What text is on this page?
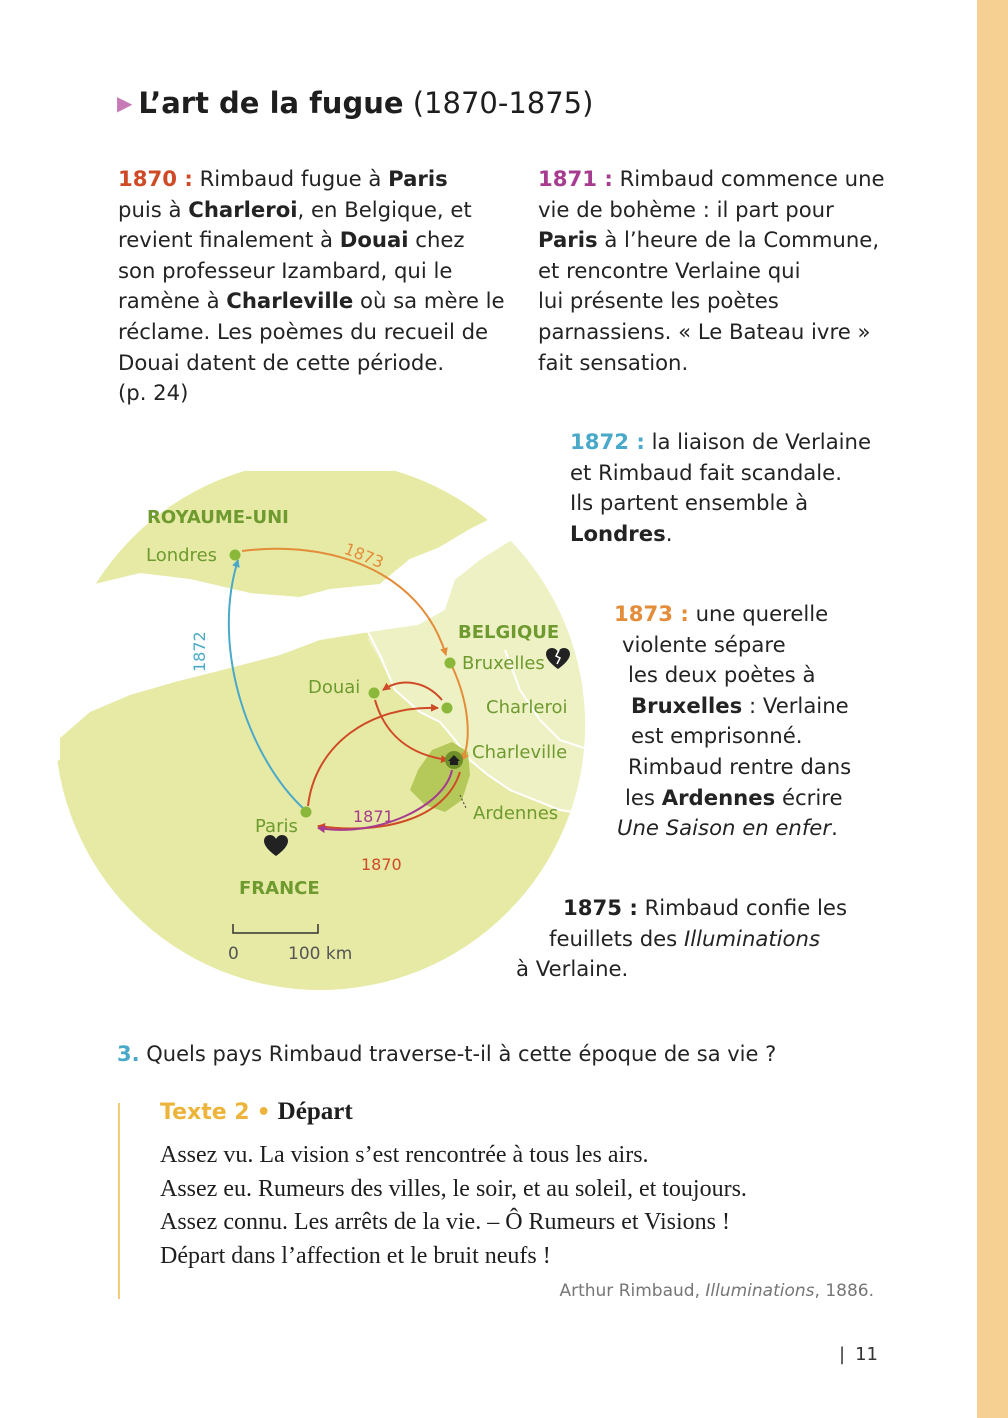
▶ L’art de la fugue (1870-1875)
1870 : Rimbaud fugue à Paris
puis à Charleroi, en Belgique, et
revient finalement à Douai chez
son professeur Izambard, qui le
ramène à Charleville où sa mère le
réclame. Les poèmes du recueil de
Douai datent de cette période.
(p. 24)
1871 : Rimbaud commence une
vie de bohème : il part pour
Paris à l’heure de la Commune,
et rencontre Verlaine qui
lui présente les poètes
parnassiens. « Le Bateau ivre »
fait sensation.
1872 : la liaison de Verlaine
et Rimbaud fait scandale.
Ils partent ensemble à
Londres.
1873 : une querelle
violente sépare
les deux poètes à
Bruxelles : Verlaine
est emprisonné.
Rimbaud rentre dans
les Ardennes écrire
Une Saison en enfer.
1875 : Rimbaud confie les
feuillets des Illuminations
à Verlaine.
ROYAUME-UNI
BELGIQUE
FRANCE
Londres
Bruxelles
Douai
Charleroi
Charleville
Ardennes
Paris
1872
1873
1871
1870
0	100 km
3. Quels pays Rimbaud traverse-t-il à cette époque de sa vie ?
Texte 2 • Départ
Assez vu. La vision s’est rencontrée à tous les airs.
Assez eu. Rumeurs des villes, le soir, et au soleil, et toujours.
Assez connu. Les arrêts de la vie. – Ô Rumeurs et Visions !
Départ dans l’affection et le bruit neufs !
Arthur Rimbaud, Illuminations, 1886.
| 11
